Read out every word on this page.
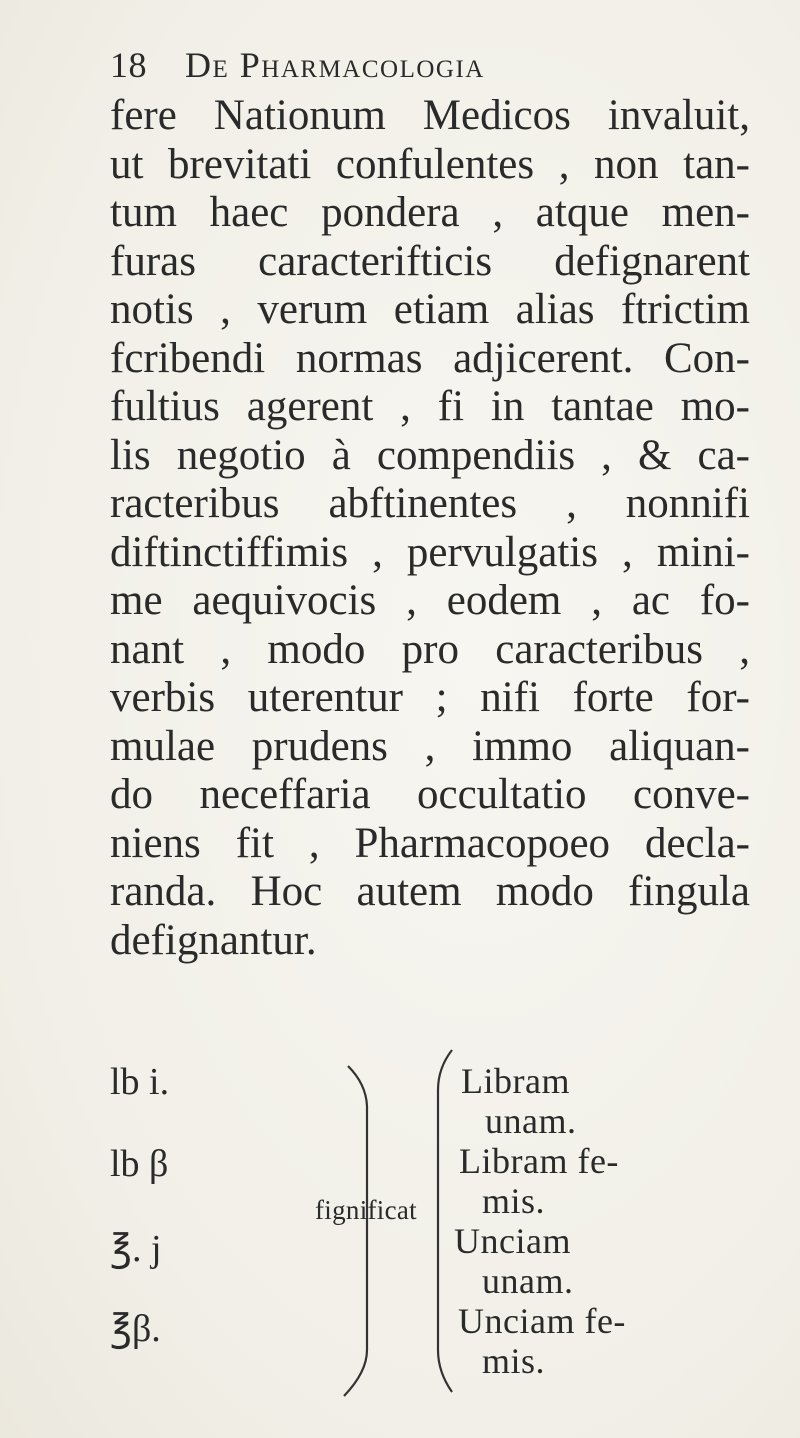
18 De Pharmacologia
fere Nationum Medicos invaluit,
ut brevitati confulentes , non tan-
tum haec pondera , atque men-
furas caracterifticis defignarent
notis , verum etiam alias ftrictim
fcribendi normas adjicerent. Con-
fultius agerent , fi in tantae mo-
lis negotio à compendiis , & ca-
racteribus abftinentes , nonnifi
diftinctiffimis , pervulgatis , mini-
me aequivocis , eodem , ac fo-
nant , modo pro caracteribus ,
verbis uterentur ; nifi forte for-
mulae prudens , immo aliquan-
do neceffaria occultatio conve-
niens fit , Pharmacopoeo decla-
randa. Hoc autem modo fingula
defignantur.
lb i.
lb β
℥. j
℥β.
fignificat
Libram
unam.
Libram fe-
mis.
Unciam
unam.
Unciam fe-
mis.
